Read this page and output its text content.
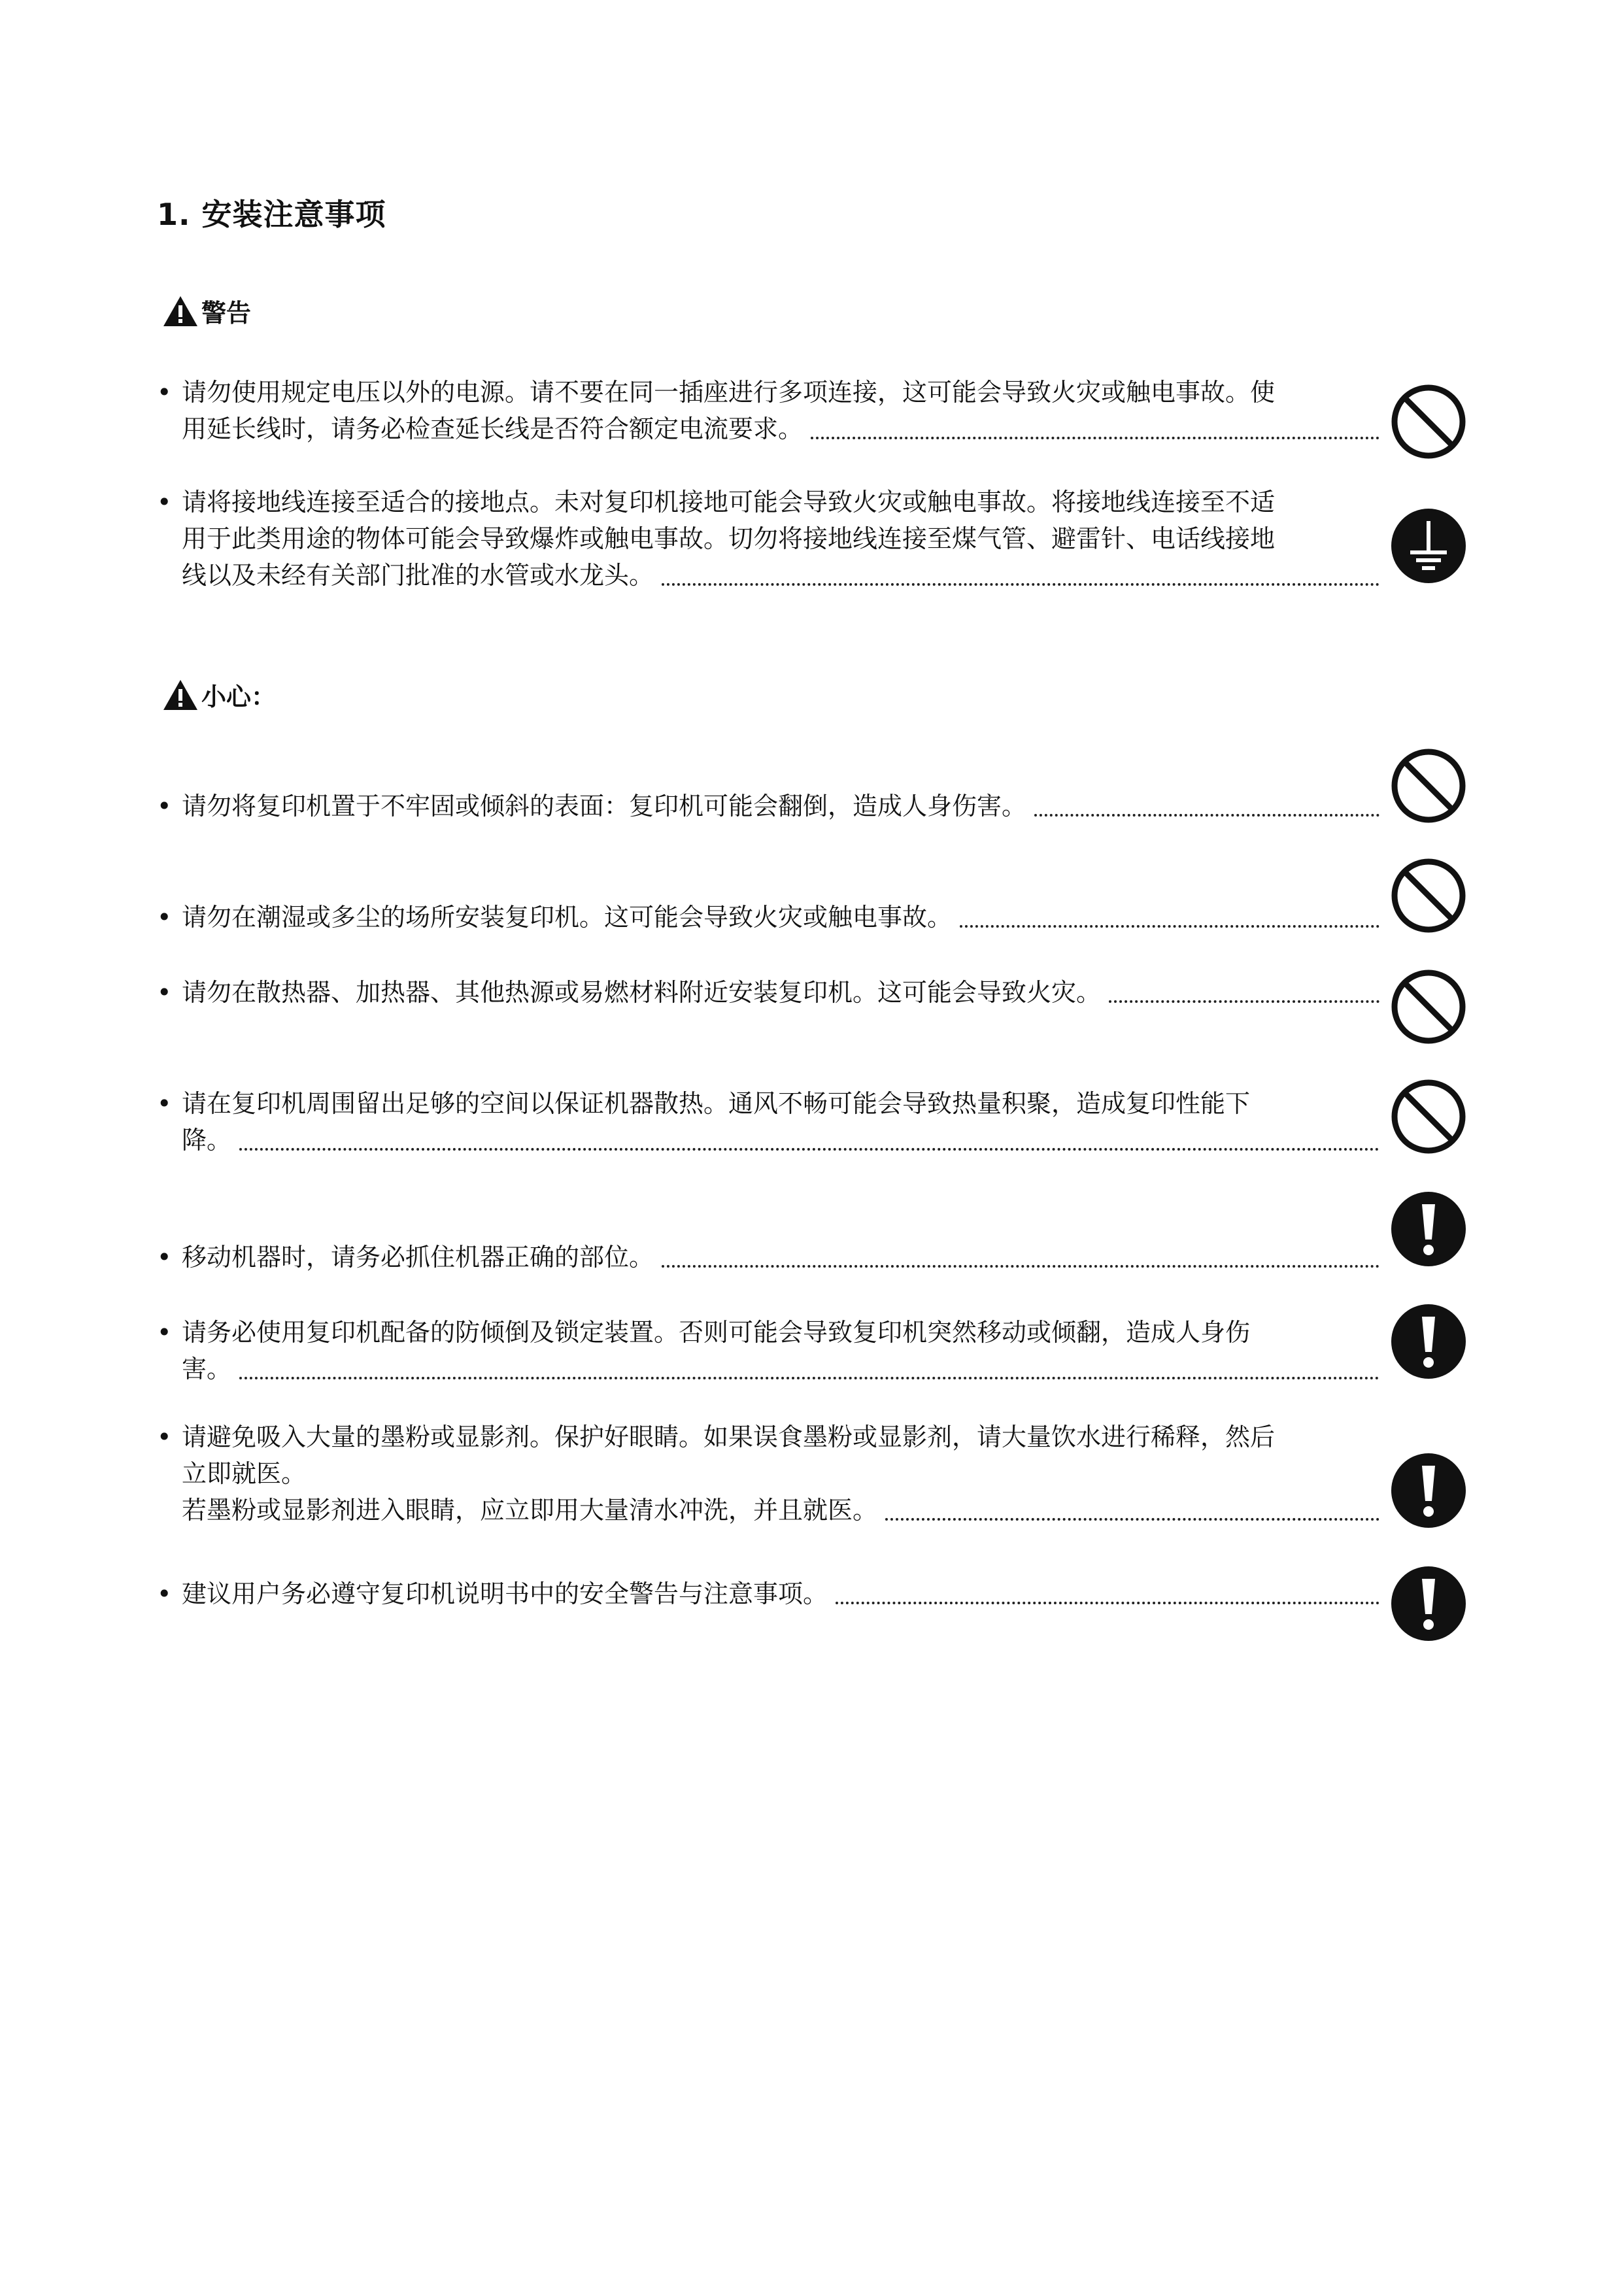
1. 安装注意事项
警告
• 请勿使用规定电压以外的电源。请不要在同一插座进行多项连接，这可能会导致火灾或触电事故。使
用延长线时，请务必检查延长线是否符合额定电流要求。
• 请将接地线连接至适合的接地点。未对复印机接地可能会导致火灾或触电事故。将接地线连接至不适
用于此类用途的物体可能会导致爆炸或触电事故。切勿将接地线连接至煤气管、避雷针、电话线接地
线以及未经有关部门批准的水管或水龙头。
小心：
• 请勿将复印机置于不牢固或倾斜的表面：复印机可能会翻倒，造成人身伤害。
• 请勿在潮湿或多尘的场所安装复印机。这可能会导致火灾或触电事故。
• 请勿在散热器、加热器、其他热源或易燃材料附近安装复印机。这可能会导致火灾。
• 请在复印机周围留出足够的空间以保证机器散热。通风不畅可能会导致热量积聚，造成复印性能下
降。
• 移动机器时，请务必抓住机器正确的部位。
• 请务必使用复印机配备的防倾倒及锁定装置。否则可能会导致复印机突然移动或倾翻，造成人身伤
害。
• 请避免吸入大量的墨粉或显影剂。保护好眼睛。如果误食墨粉或显影剂，请大量饮水进行稀释，然后
立即就医。
若墨粉或显影剂进入眼睛，应立即用大量清水冲洗，并且就医。
• 建议用户务必遵守复印机说明书中的安全警告与注意事项。
